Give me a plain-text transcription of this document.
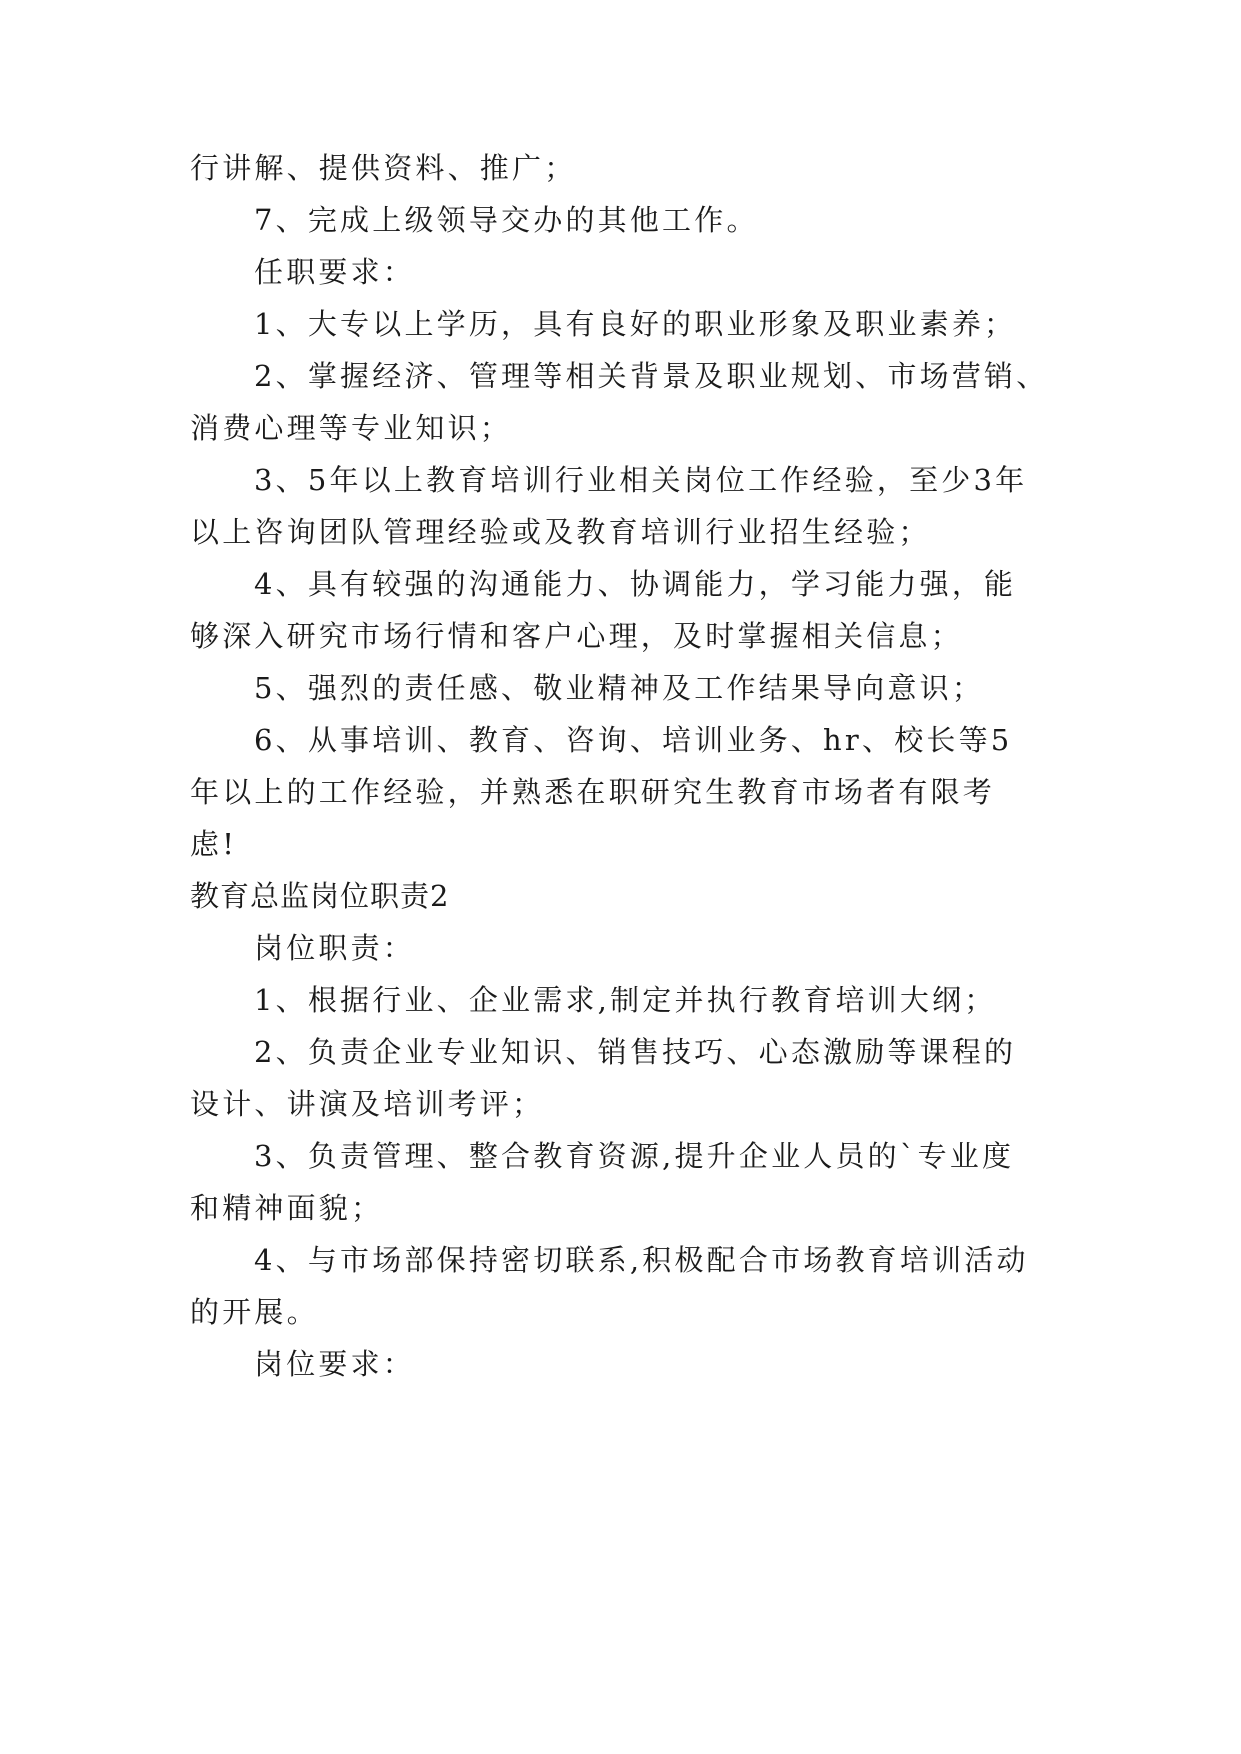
行讲解、提供资料、推广；
7、完成上级领导交办的其他工作。
任职要求：
1、大专以上学历，具有良好的职业形象及职业素养；
2、掌握经济、管理等相关背景及职业规划、市场营销、
消费心理等专业知识；
3、5年以上教育培训行业相关岗位工作经验，至少3年
以上咨询团队管理经验或及教育培训行业招生经验；
4、具有较强的沟通能力、协调能力，学习能力强，能
够深入研究市场行情和客户心理，及时掌握相关信息；
5、强烈的责任感、敬业精神及工作结果导向意识；
6、从事培训、教育、咨询、培训业务、hr、校长等5
年以上的工作经验，并熟悉在职研究生教育市场者有限考
虑!
教育总监岗位职责2
岗位职责：
1、根据行业、企业需求,制定并执行教育培训大纲；
2、负责企业专业知识、销售技巧、心态激励等课程的
设计、讲演及培训考评；
3、负责管理、整合教育资源,提升企业人员的`专业度
和精神面貌；
4、与市场部保持密切联系,积极配合市场教育培训活动
的开展。
岗位要求：
